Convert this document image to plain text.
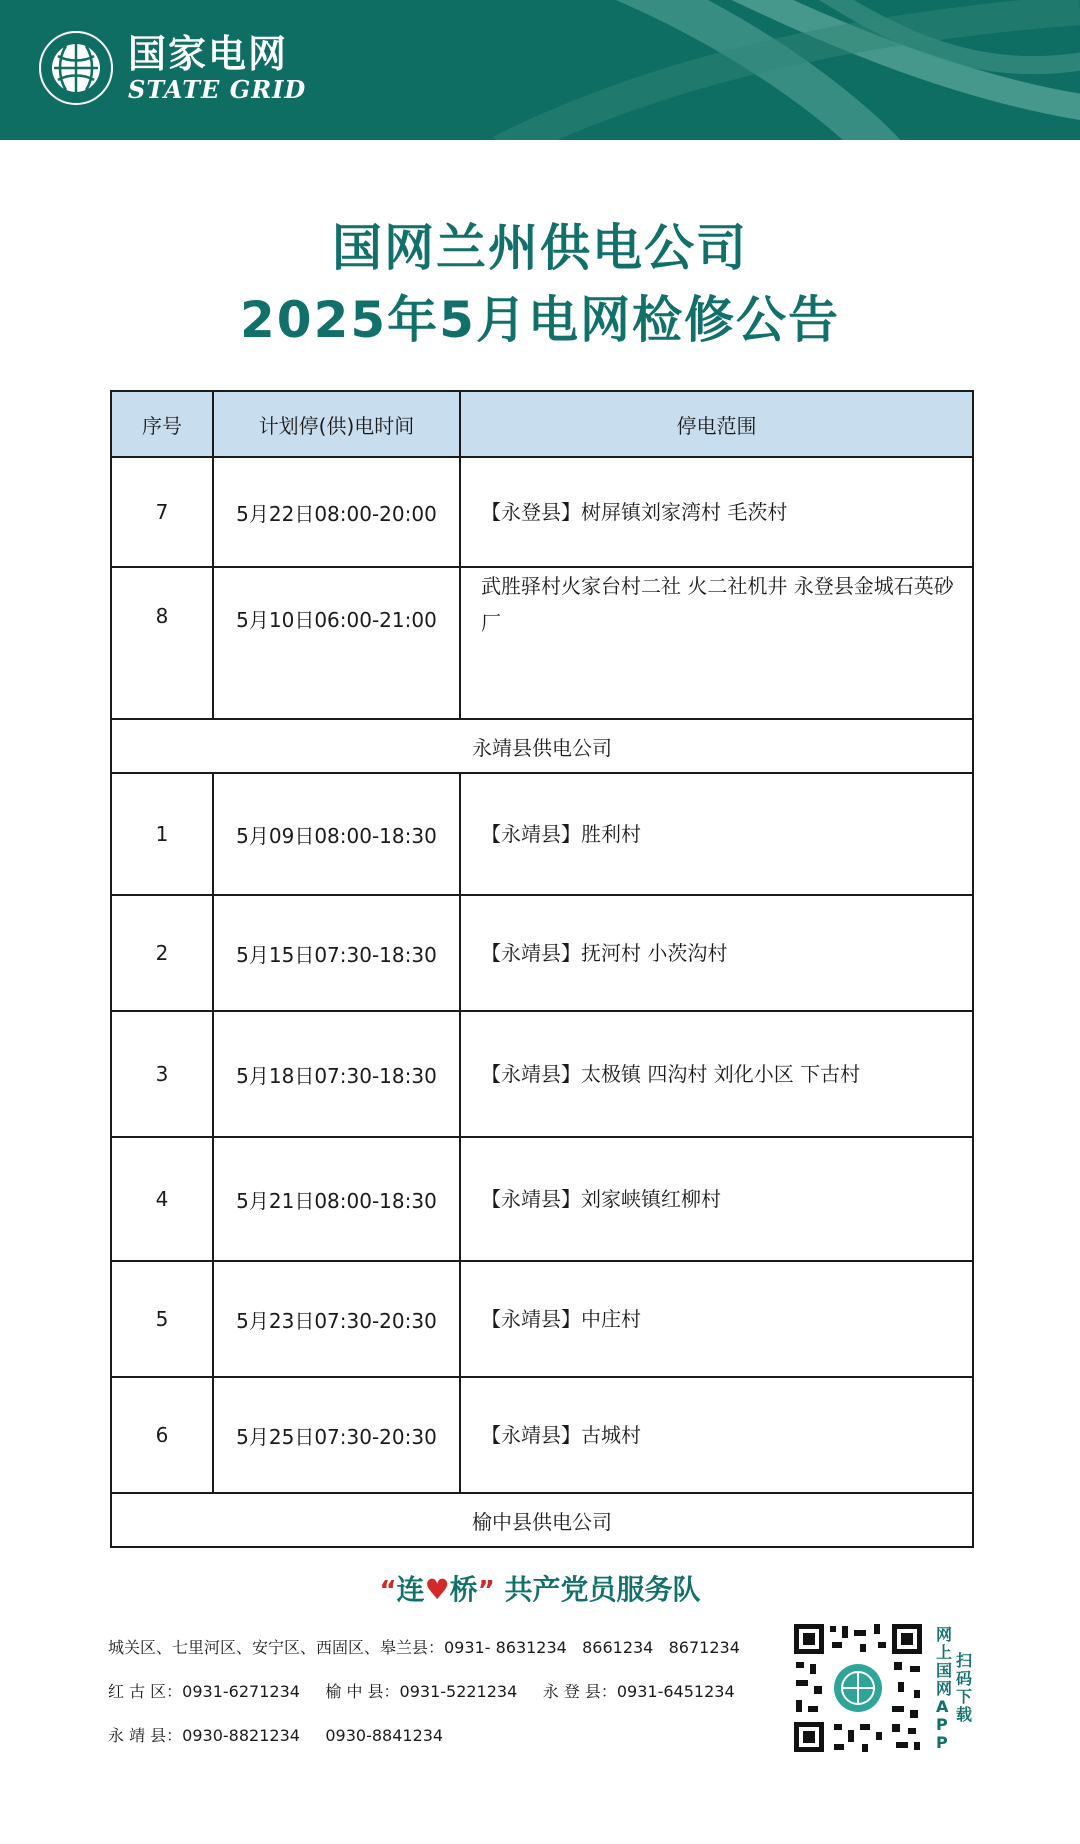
国家电网
STATE GRID
国网兰州供电公司
2025年5月电网检修公告
序号	计划停(供)电时间	停电范围
7	5月22日08:00-20:00	【永登县】树屏镇刘家湾村 毛茨村
8	5月10日06:00-21:00	武胜驿村火家台村二社 火二社机井 永登县金城石英砂厂
永靖县供电公司		
1	5月09日08:00-18:30	【永靖县】胜利村
2	5月15日07:30-18:30	【永靖县】抚河村 小茨沟村
3	5月18日07:30-18:30	【永靖县】太极镇 四沟村 刘化小区 下古村
4	5月21日08:00-18:30	【永靖县】刘家峡镇红柳村
5	5月23日07:30-20:30	【永靖县】中庄村
6	5月25日07:30-20:30	【永靖县】古城村
榆中县供电公司		
“连♥桥” 共产党员服务队
城关区、七里河区、安宁区、西固区、皋兰县：0931- 8631234   8661234   8671234
红 古 区：0931-6271234     榆 中 县：0931-5221234     永 登 县：0931-6451234
永 靖 县：0930-8821234     0930-8841234
网上国网APP
扫码下载
